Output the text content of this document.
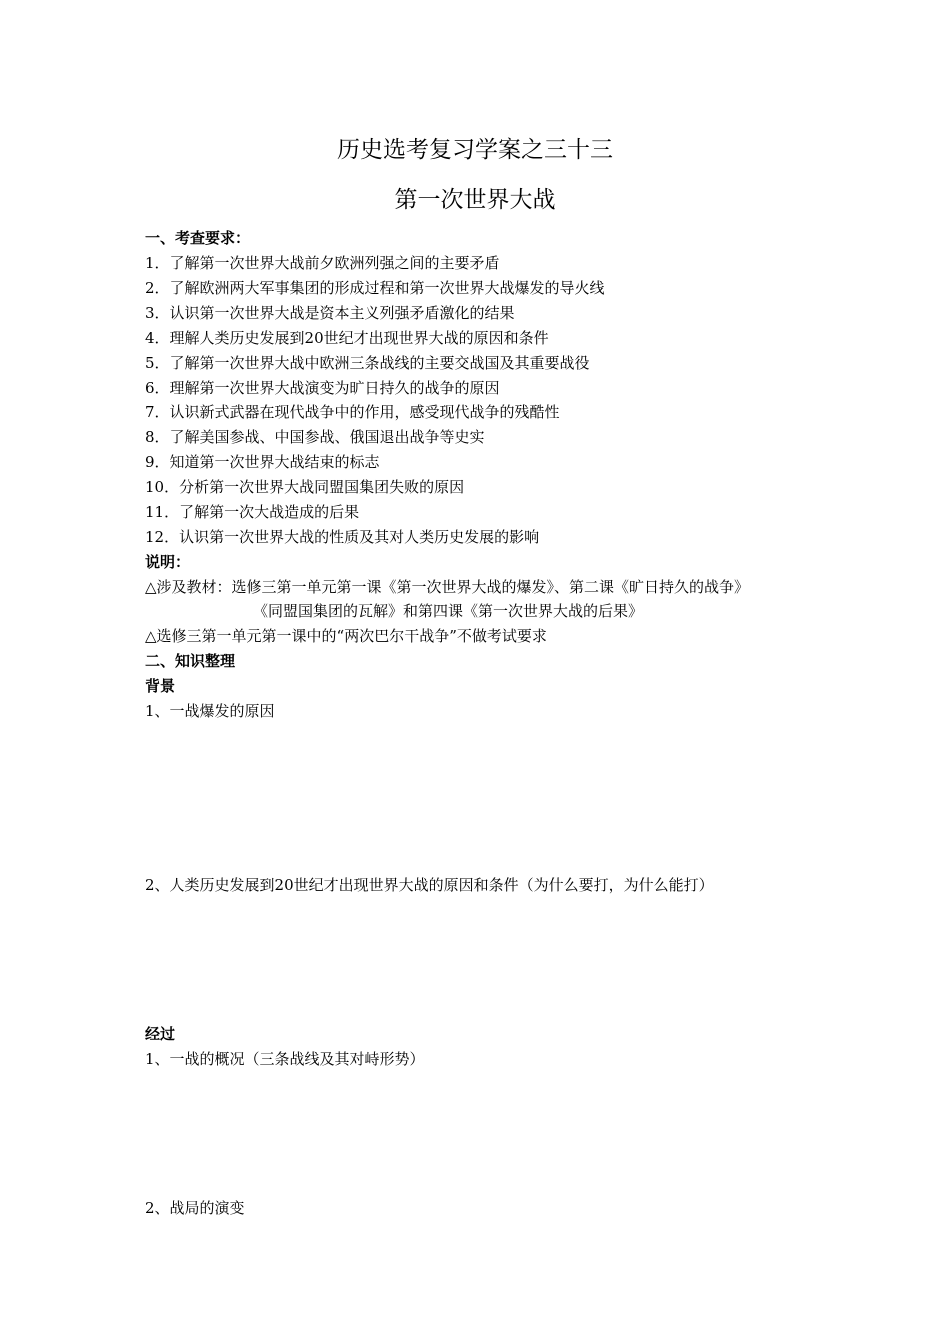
历史选考复习学案之三十三
第一次世界大战
一、考查要求：
1．了解第一次世界大战前夕欧洲列强之间的主要矛盾
2．了解欧洲两大军事集团的形成过程和第一次世界大战爆发的导火线
3．认识第一次世界大战是资本主义列强矛盾激化的结果
4．理解人类历史发展到20世纪才出现世界大战的原因和条件
5．了解第一次世界大战中欧洲三条战线的主要交战国及其重要战役
6．理解第一次世界大战演变为旷日持久的战争的原因
7．认识新式武器在现代战争中的作用，感受现代战争的残酷性
8．了解美国参战、中国参战、俄国退出战争等史实
9．知道第一次世界大战结束的标志
10．分析第一次世界大战同盟国集团失败的原因
11．了解第一次大战造成的后果
12．认识第一次世界大战的性质及其对人类历史发展的影响
说明：
△涉及教材：选修三第一单元第一课《第一次世界大战的爆发》、第二课《旷日持久的战争》
《同盟国集团的瓦解》和第四课《第一次世界大战的后果》
△选修三第一单元第一课中的“两次巴尔干战争”不做考试要求
二、知识整理
背景
1、一战爆发的原因
2、人类历史发展到20世纪才出现世界大战的原因和条件（为什么要打，为什么能打）
经过
1、一战的概况（三条战线及其对峙形势）
2、战局的演变
